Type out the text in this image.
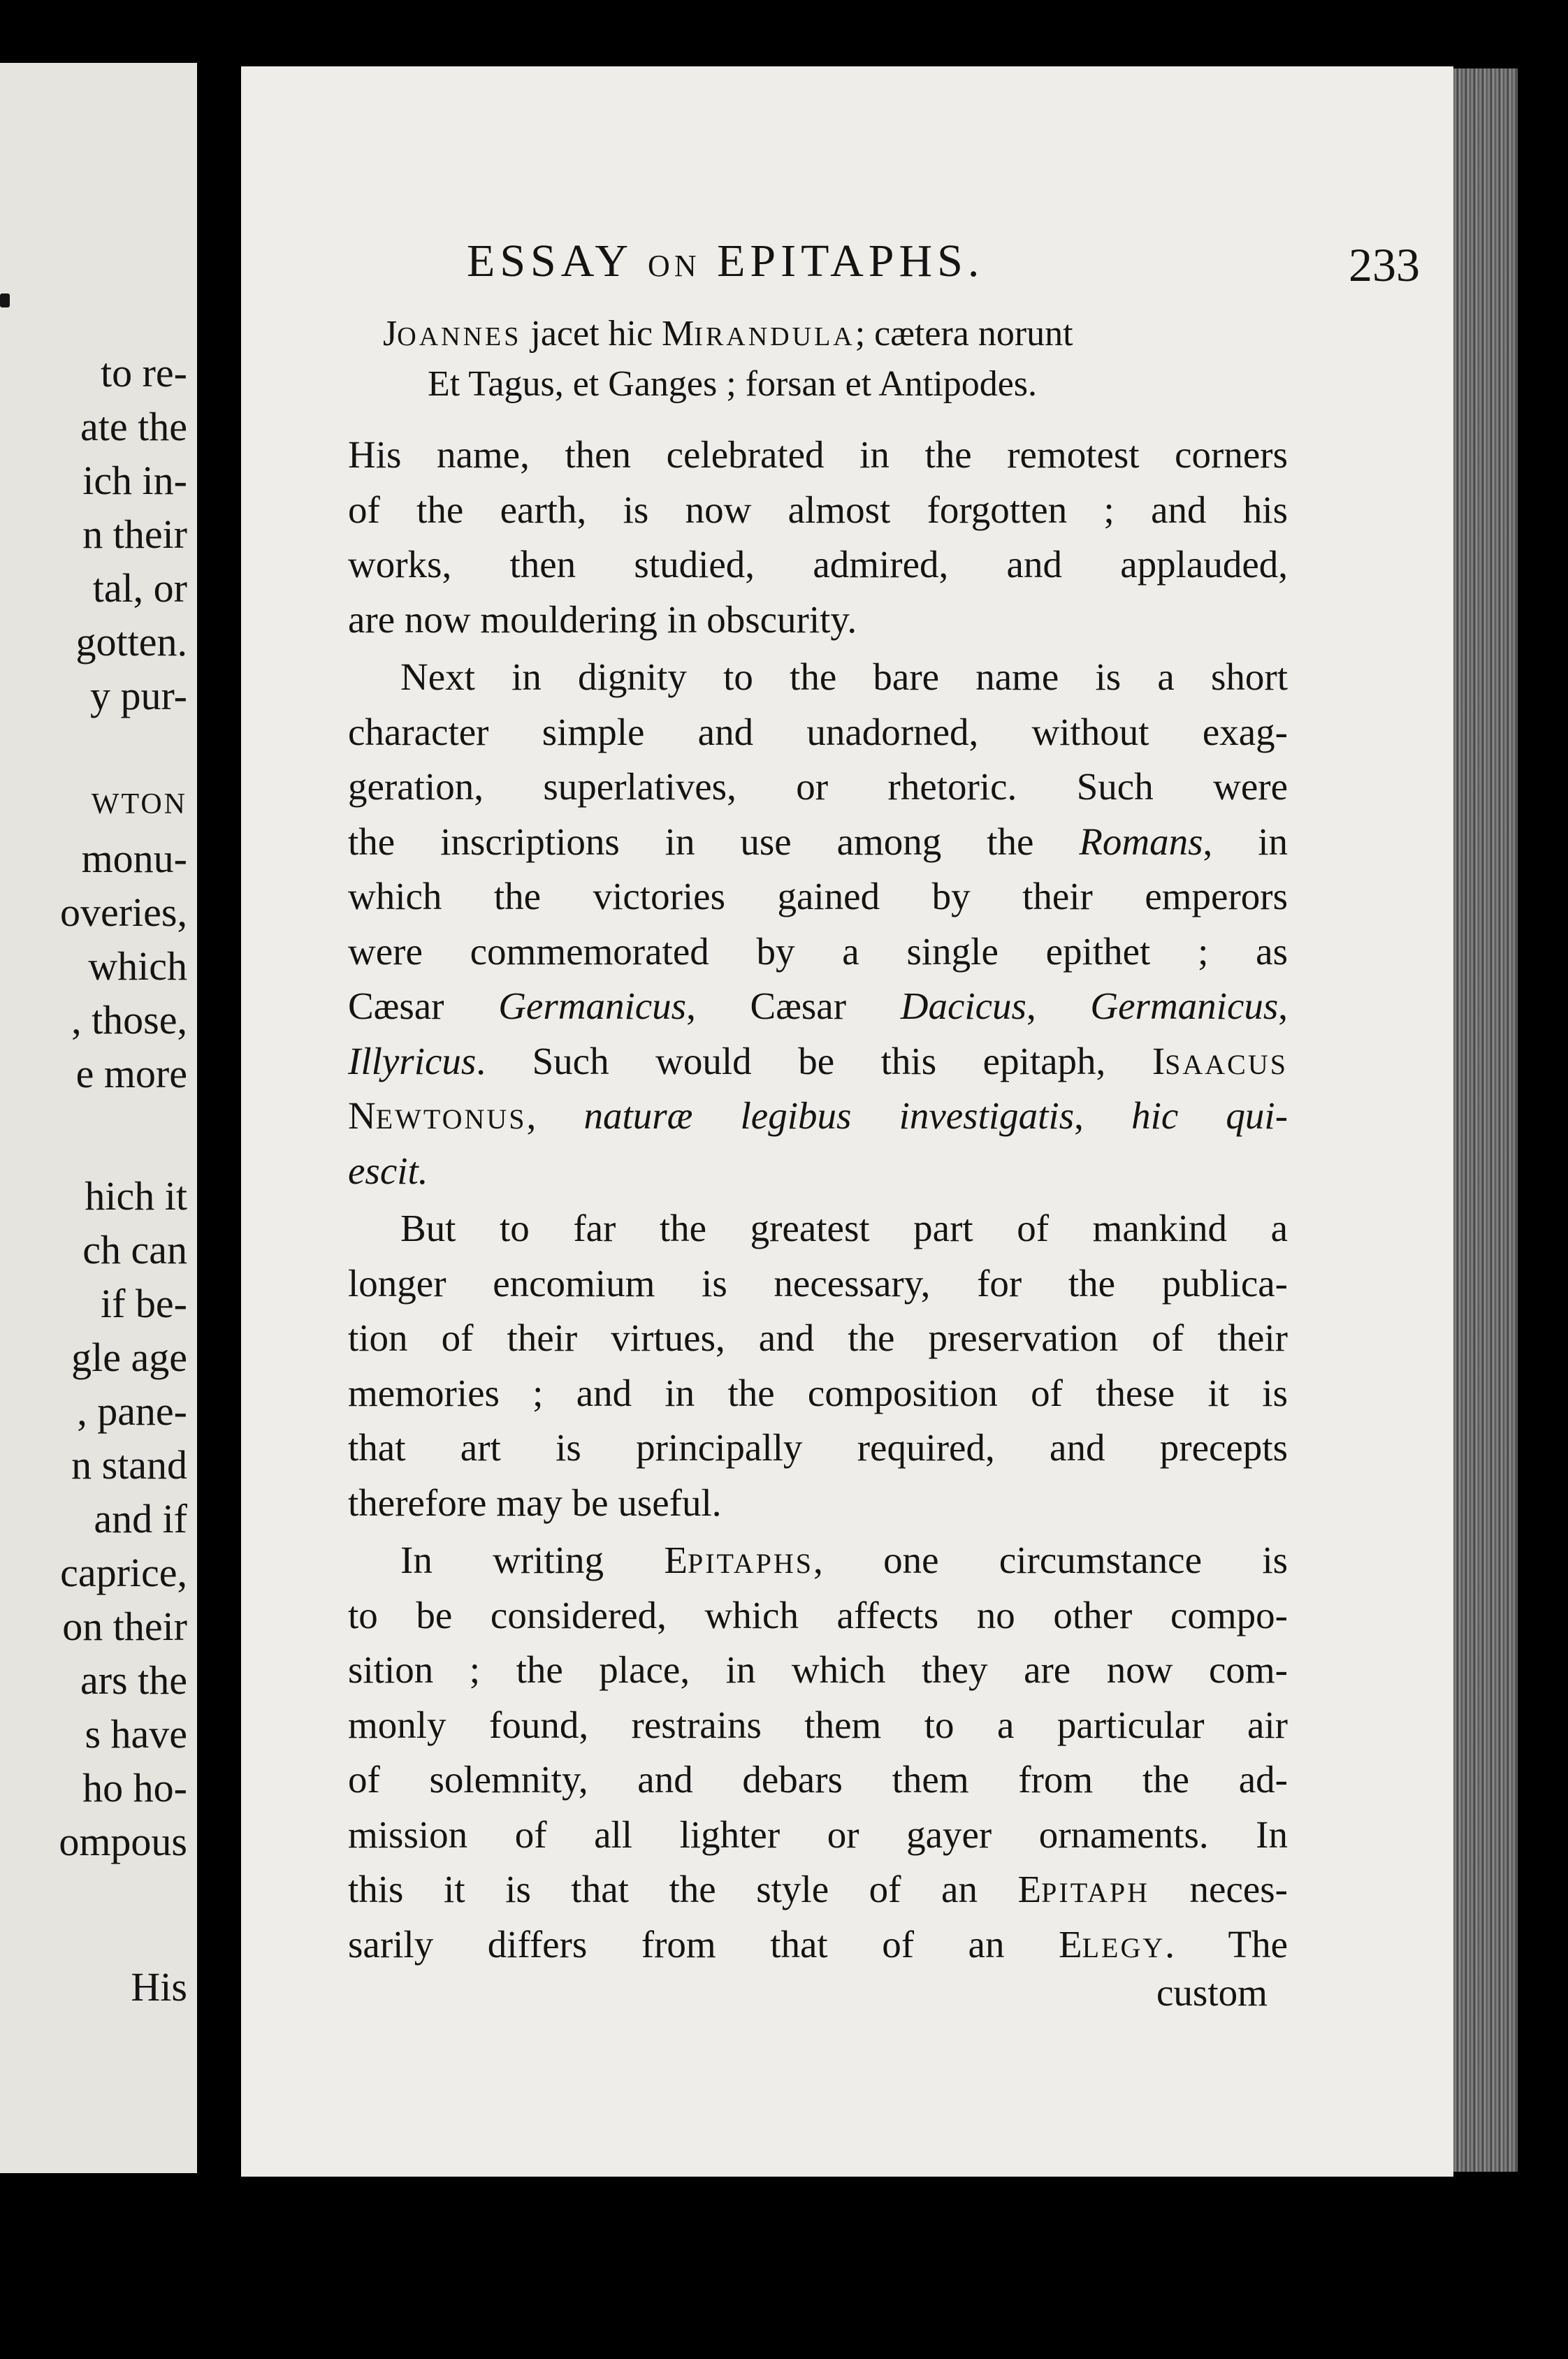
to re-
ate the
ich in-
n their
tal, or
gotten.
y pur-
WTON
monu-
overies,
which
, those,
e more
hich it
ch can
if be-
gle age
, pane-
n stand
and if
caprice,
on their
ars the
s have
ho ho-
ompous
His
ESSAY ON EPITAPHS.	233
JOANNES jacet hic MIRANDULA; cætera norunt
Et Tagus, et Ganges ; forsan et Antipodes.
His name, then celebrated in the remotest corners
of the earth, is now almost forgotten ; and his
works, then studied, admired, and applauded,
are now mouldering in obscurity.
Next in dignity to the bare name is a short
character simple and unadorned, without exag-
geration, superlatives, or rhetoric. Such were
the inscriptions in use among the Romans, in
which the victories gained by their emperors
were commemorated by a single epithet ; as
Cæsar Germanicus, Cæsar Dacicus, Germanicus,
Illyricus. Such would be this epitaph, ISAACUS
NEWTONUS, naturæ legibus investigatis, hic qui-
escit.
But to far the greatest part of mankind a
longer encomium is necessary, for the publica-
tion of their virtues, and the preservation of their
memories ; and in the composition of these it is
that art is principally required, and precepts
therefore may be useful.
In writing EPITAPHS, one circumstance is
to be considered, which affects no other compo-
sition ; the place, in which they are now com-
monly found, restrains them to a particular air
of solemnity, and debars them from the ad-
mission of all lighter or gayer ornaments. In
this it is that the style of an EPITAPH neces-
sarily differs from that of an ELEGY. The
custom
